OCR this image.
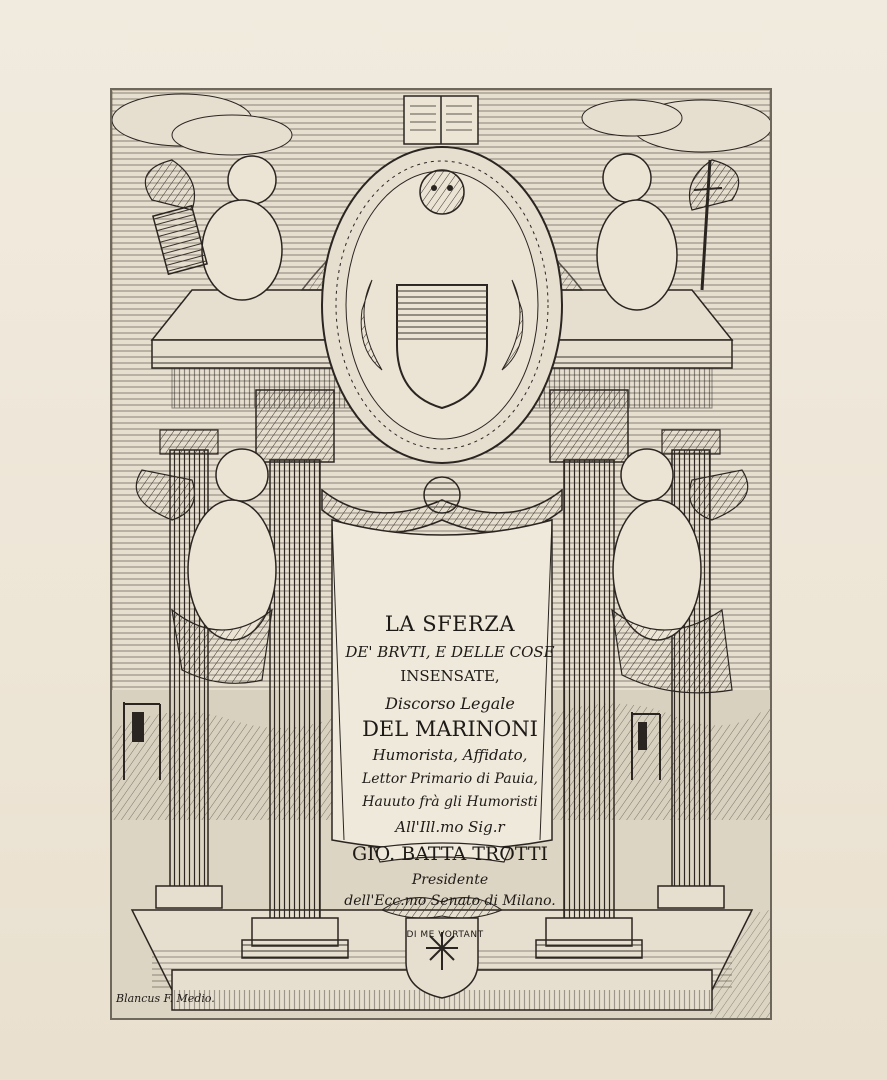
LA SFERZA
DE' BRVTI, E DELLE COSE
INSENSATE,
Discorso Legale
DEL MARINONI
Humorista, Affidato,
Lettor Primario di Pauia,
Hauuto frà gli Humoristi
All'Ill.mo Sig.r
GIO. BATTA TROTTI
Presidente
dell'Ecc.mo Senato di Milano.
DI ME VORTANT
Blancus F. Medio.
